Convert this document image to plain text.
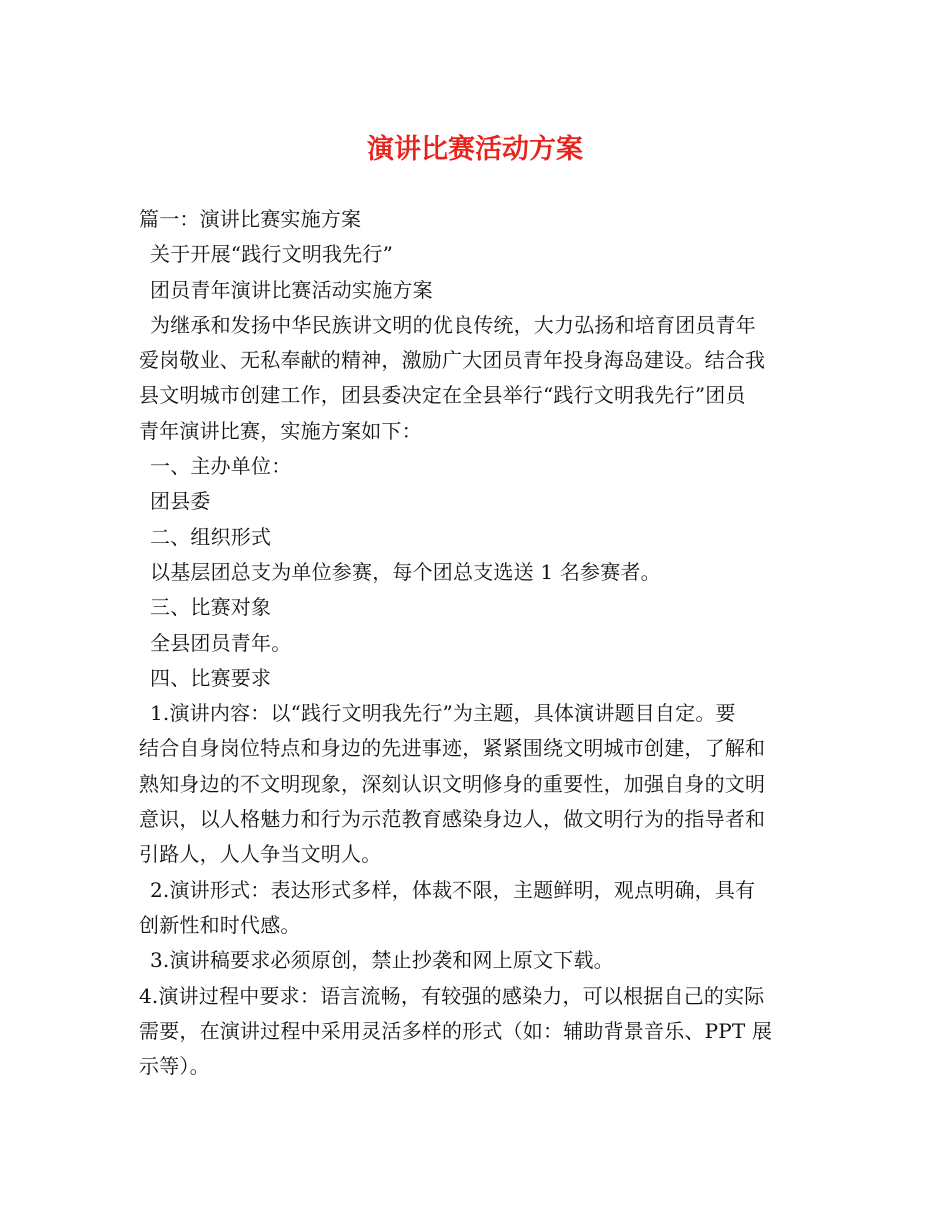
演讲比赛活动方案
篇一：演讲比赛实施方案
关于开展“践行文明我先行”
团员青年演讲比赛活动实施方案
为继承和发扬中华民族讲文明的优良传统，大力弘扬和培育团员青年
爱岗敬业、无私奉献的精神，激励广大团员青年投身海岛建设。结合我
县文明城市创建工作，团县委决定在全县举行“践行文明我先行”团员
青年演讲比赛，实施方案如下：
一、主办单位：
团县委
二、组织形式
以基层团总支为单位参赛，每个团总支选送 1 名参赛者。
三、比赛对象
全县团员青年。
四、比赛要求
1.演讲内容：以“践行文明我先行”为主题，具体演讲题目自定。要
结合自身岗位特点和身边的先进事迹，紧紧围绕文明城市创建，了解和
熟知身边的不文明现象，深刻认识文明修身的重要性，加强自身的文明
意识，以人格魅力和行为示范教育感染身边人，做文明行为的指导者和
引路人，人人争当文明人。
2.演讲形式：表达形式多样，体裁不限，主题鲜明，观点明确，具有
创新性和时代感。
3.演讲稿要求必须原创，禁止抄袭和网上原文下载。
4.演讲过程中要求：语言流畅，有较强的感染力，可以根据自己的实际
需要，在演讲过程中采用灵活多样的形式（如：辅助背景音乐、PPT 展
示等）。
